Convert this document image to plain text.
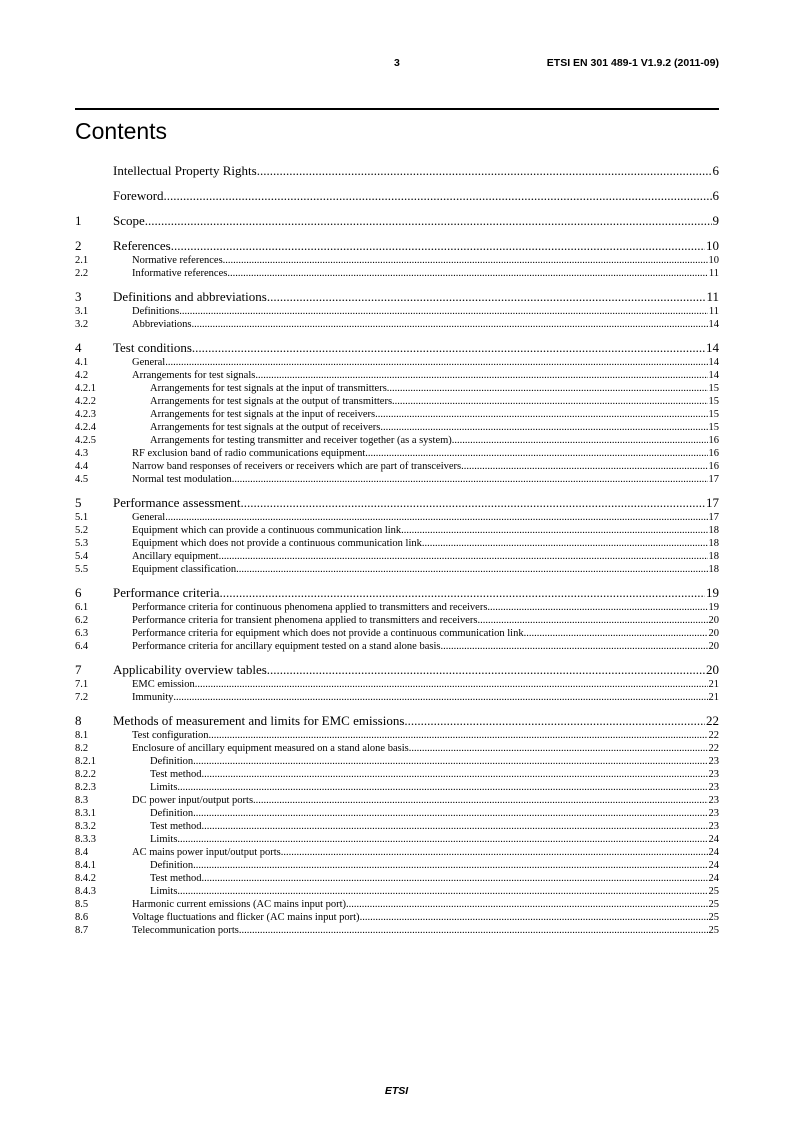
3	ETSI EN 301 489-1 V1.9.2 (2011-09)
Contents
Intellectual Property Rights .....	6
Foreword .....	6
1	Scope .....	9
2	References .....	10
2.1	Normative references .....	10
2.2	Informative references .....	11
3	Definitions and abbreviations .....	11
3.1	Definitions .....	11
3.2	Abbreviations .....	14
4	Test conditions .....	14
4.1	General .....	14
4.2	Arrangements for test signals .....	14
4.2.1	Arrangements for test signals at the input of transmitters .....	15
4.2.2	Arrangements for test signals at the output of transmitters .....	15
4.2.3	Arrangements for test signals at the input of receivers .....	15
4.2.4	Arrangements for test signals at the output of receivers .....	15
4.2.5	Arrangements for testing transmitter and receiver together (as a system) .....	16
4.3	RF exclusion band of radio communications equipment .....	16
4.4	Narrow band responses of receivers or receivers which are part of transceivers .....	16
4.5	Normal test modulation .....	17
5	Performance assessment .....	17
5.1	General .....	17
5.2	Equipment which can provide a continuous communication link .....	18
5.3	Equipment which does not provide a continuous communication link .....	18
5.4	Ancillary equipment .....	18
5.5	Equipment classification .....	18
6	Performance criteria .....	19
6.1	Performance criteria for continuous phenomena applied to transmitters and receivers .....	19
6.2	Performance criteria for transient phenomena applied to transmitters and receivers .....	20
6.3	Performance criteria for equipment which does not provide a continuous communication link .....	20
6.4	Performance criteria for ancillary equipment tested on a stand alone basis .....	20
7	Applicability overview tables .....	20
7.1	EMC emission .....	21
7.2	Immunity .....	21
8	Methods of measurement and limits for EMC emissions .....	22
8.1	Test configuration .....	22
8.2	Enclosure of ancillary equipment measured on a stand alone basis .....	22
8.2.1	Definition .....	23
8.2.2	Test method .....	23
8.2.3	Limits .....	23
8.3	DC power input/output ports .....	23
8.3.1	Definition .....	23
8.3.2	Test method .....	23
8.3.3	Limits .....	24
8.4	AC mains power input/output ports .....	24
8.4.1	Definition .....	24
8.4.2	Test method .....	24
8.4.3	Limits .....	25
8.5	Harmonic current emissions (AC mains input port) .....	25
8.6	Voltage fluctuations and flicker (AC mains input port) .....	25
8.7	Telecommunication ports .....	25
ETSI
